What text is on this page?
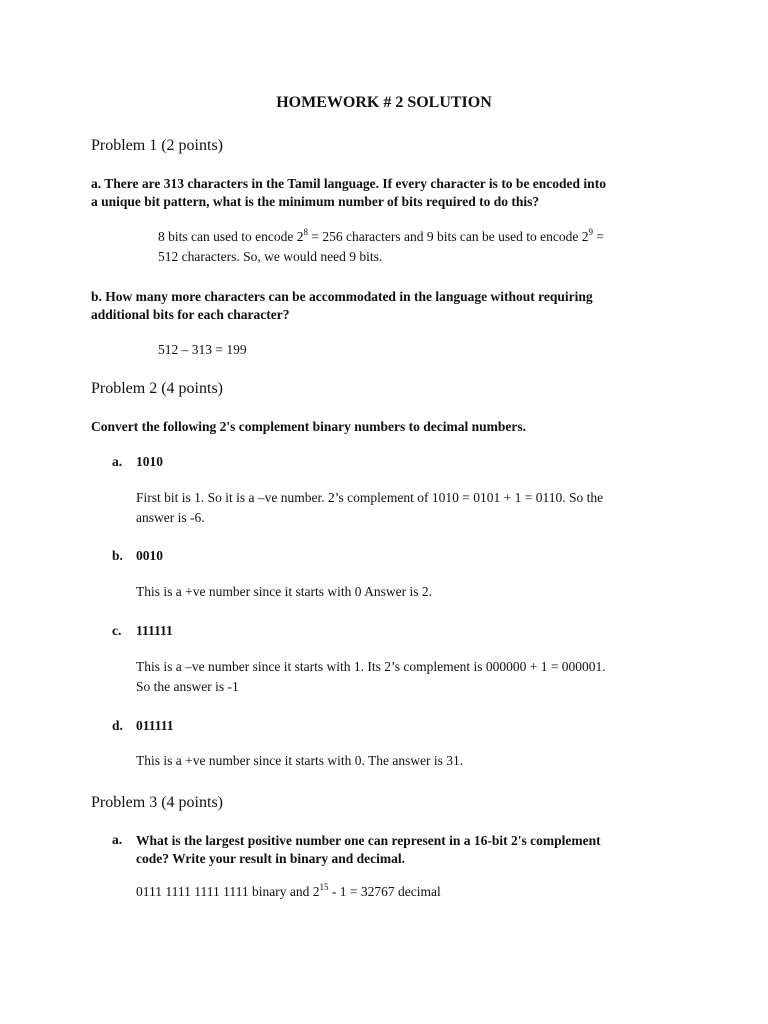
HOMEWORK # 2 SOLUTION
Problem 1 (2 points)
a. There are 313 characters in the Tamil language. If every character is to be encoded into
a unique bit pattern, what is the minimum number of bits required to do this?
8 bits can used to encode $2^8 = 256$ characters and 9 bits can be used to encode $2^9$ =
512 characters. So, we would need 9 bits.
b. How many more characters can be accommodated in the language without requiring
additional bits for each character?
512 – 313 = 199
Problem 2 (4 points)
Convert the following 2's complement binary numbers to decimal numbers.
a. 1010
First bit is 1. So it is a –ve number. 2’s complement of 1010 = 0101 + 1 = 0110. So the
answer is -6.
b. 0010
This is a +ve number since it starts with 0 Answer is 2.
c. 111111
This is a –ve number since it starts with 1. Its 2’s complement is 000000 + 1 = 000001.
So the answer is -1
d. 011111
This is a +ve number since it starts with 0. The answer is 31.
Problem 3 (4 points)
a. What is the largest positive number one can represent in a 16-bit 2's complement
code? Write your result in binary and decimal.
0111 1111 1111 1111 binary and $2^{15} - 1 = 32767$ decimal
